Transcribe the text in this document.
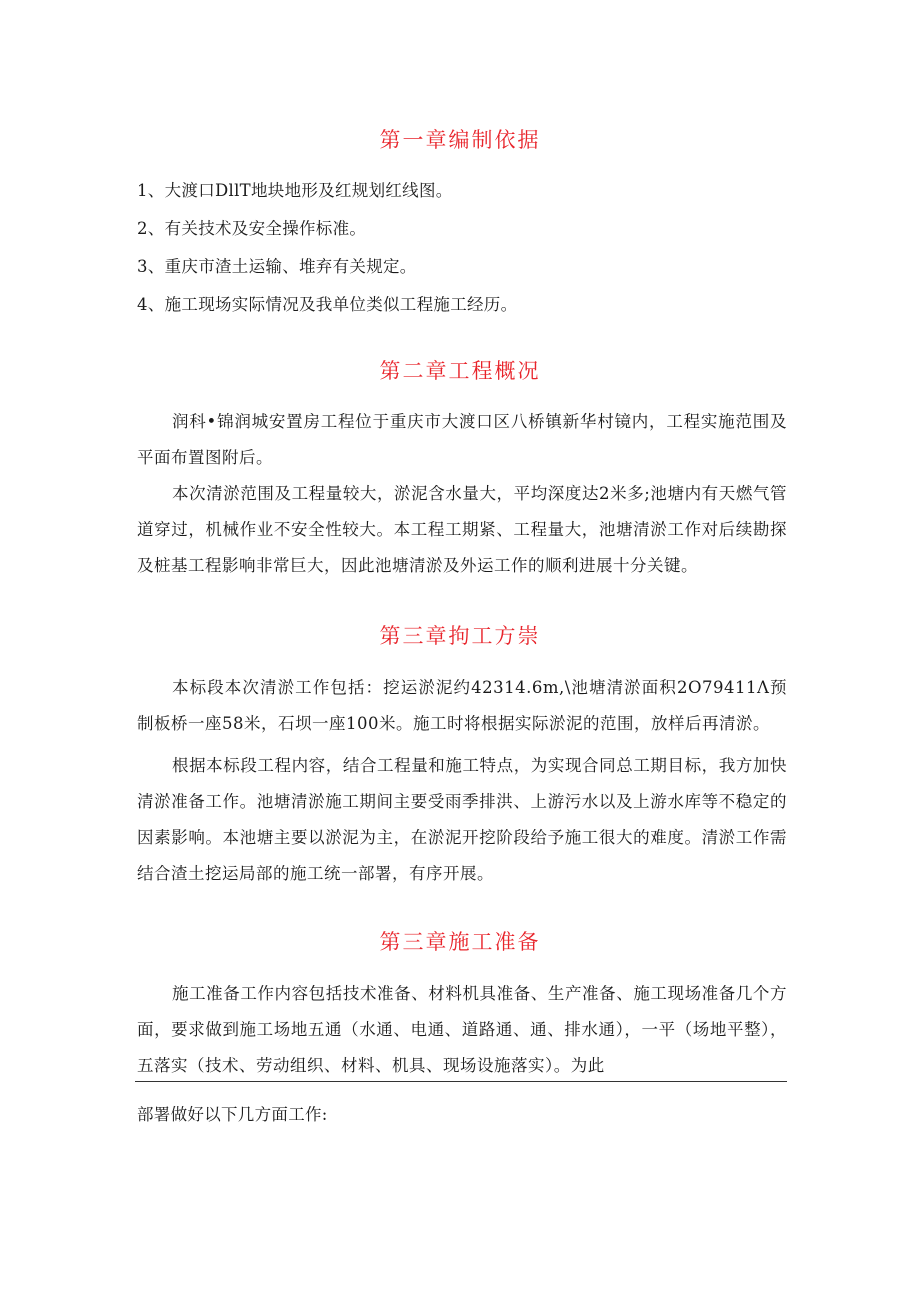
第一章编制依据
1、大渡口DllT地块地形及红规划红线图。
2、有关技术及安全操作标准。
3、重庆市渣土运输、堆弃有关规定。
4、施工现场实际情况及我单位类似工程施工经历。
第二章工程概况
润科•锦润城安置房工程位于重庆市大渡口区八桥镇新华村镜内，工程实施范围及平面布置图附后。
本次清淤范围及工程量较大，淤泥含水量大，平均深度达2米多;池塘内有天燃气管道穿过，机械作业不安全性较大。本工程工期紧、工程量大，池塘清淤工作对后续勘探及桩基工程影响非常巨大，因此池塘清淤及外运工作的顺利进展十分关键。
第三章拘工方崇
本标段本次清淤工作包括：挖运淤泥约42314.6m,\池塘清淤面积2O79411Λ预制板桥一座58米，石坝一座100米。施工时将根据实际淤泥的范围，放样后再清淤。
根据本标段工程内容，结合工程量和施工特点，为实现合同总工期目标，我方加快清淤准备工作。池塘清淤施工期间主要受雨季排洪、上游污水以及上游水库等不稳定的因素影响。本池塘主要以淤泥为主，在淤泥开挖阶段给予施工很大的难度。清淤工作需结合渣土挖运局部的施工统一部署，有序开展。
第三章施工准备
施工准备工作内容包括技术准备、材料机具准备、生产准备、施工现场准备几个方面，要求做到施工场地五通（水通、电通、道路通、通、排水通），一平（场地平整），五落实（技术、劳动组织、材料、机具、现场设施落实）。为此
部署做好以下几方面工作:
